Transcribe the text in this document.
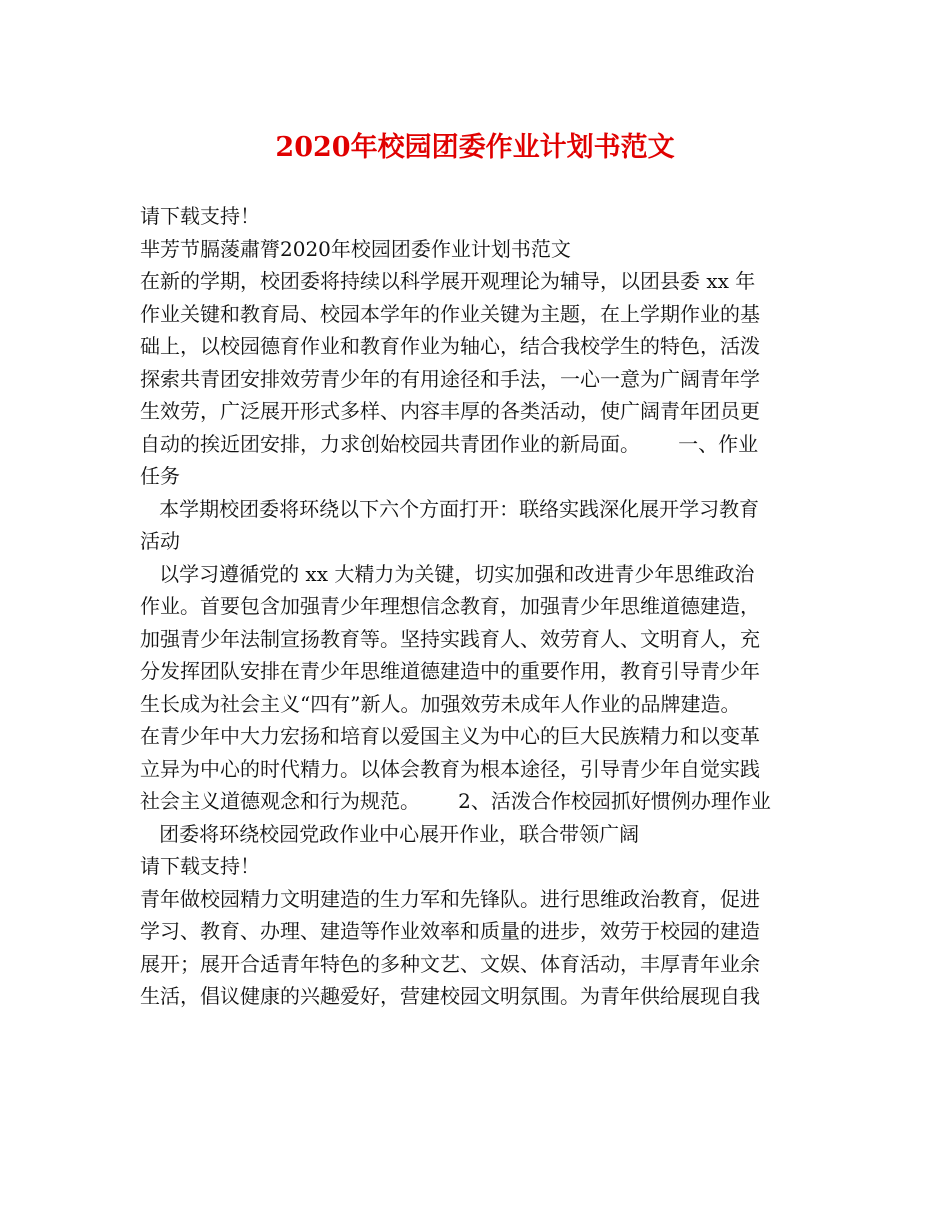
2020年校园团委作业计划书范文
请下载支持！
芈芳节膈蔆肅膂2020年校园团委作业计划书范文
在新的学期，校团委将持续以科学展开观理论为辅导，以团县委 xx 年
作业关键和教育局、校园本学年的作业关键为主题，在上学期作业的基
础上，以校园德育作业和教育作业为轴心，结合我校学生的特色，活泼
探索共青团安排效劳青少年的有用途径和手法，一心一意为广阔青年学
生效劳，广泛展开形式多样、内容丰厚的各类活动，使广阔青年团员更
自动的挨近团安排，力求创始校园共青团作业的新局面。      一、作业
任务
本学期校团委将环绕以下六个方面打开：联络实践深化展开学习教育
活动
以学习遵循党的 xx 大精力为关键，切实加强和改进青少年思维政治
作业。首要包含加强青少年理想信念教育，加强青少年思维道德建造，
加强青少年法制宣扬教育等。坚持实践育人、效劳育人、文明育人，充
分发挥团队安排在青少年思维道德建造中的重要作用，教育引导青少年
生长成为社会主义“四有”新人。加强效劳未成年人作业的品牌建造。
在青少年中大力宏扬和培育以爱国主义为中心的巨大民族精力和以变革
立异为中心的时代精力。以体会教育为根本途径，引导青少年自觉实践
社会主义道德观念和行为规范。      2、活泼合作校园抓好惯例办理作业
团委将环绕校园党政作业中心展开作业，联合带领广阔
请下载支持！
青年做校园精力文明建造的生力军和先锋队。进行思维政治教育，促进
学习、教育、办理、建造等作业效率和质量的进步，效劳于校园的建造
展开；展开合适青年特色的多种文艺、文娱、体育活动，丰厚青年业余
生活，倡议健康的兴趣爱好，营建校园文明氛围。为青年供给展现自我
